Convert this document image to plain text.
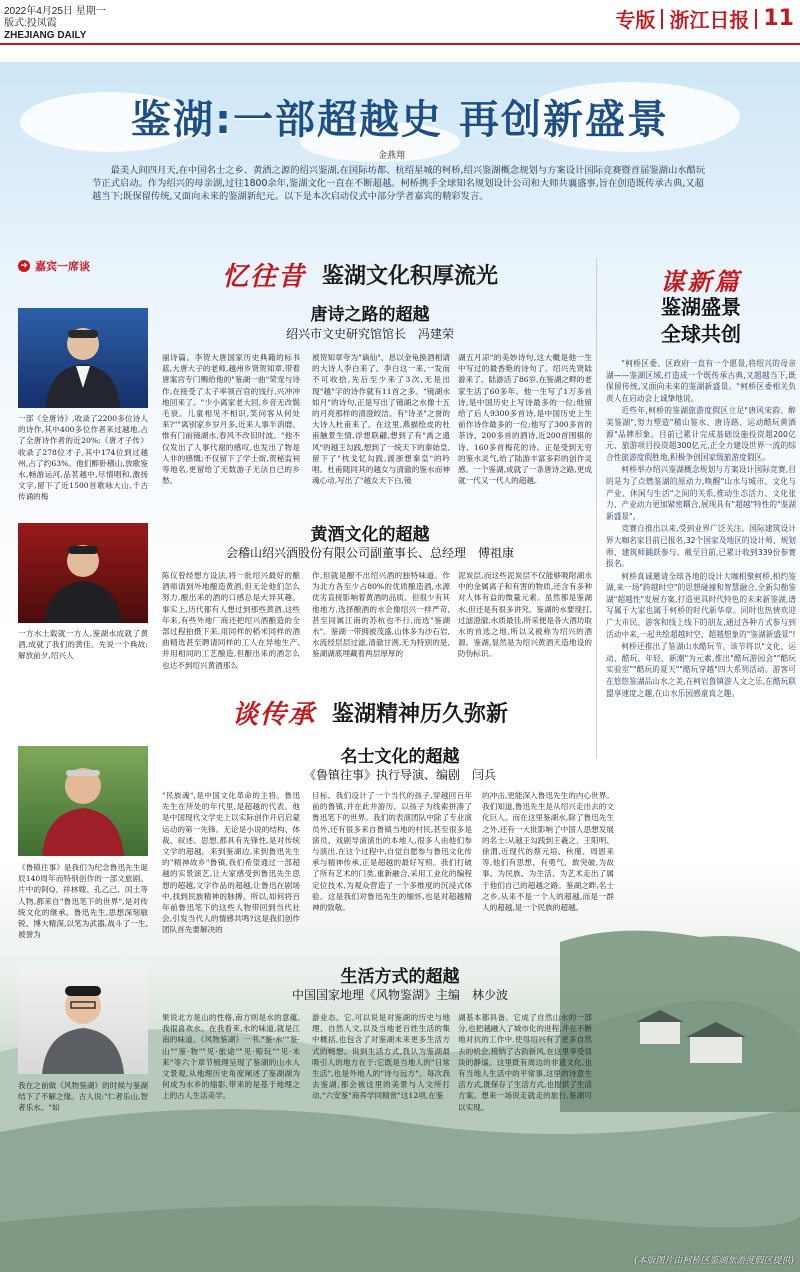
2022年4月25日 星期一
版式:投凤霞
ZHEJIANG DAILY
专版 浙江日报 11
鉴湖:一部超越史 再创新盛景
金燕翔
最美人间四月天,在中国名士之乡、黄酒之源的绍兴鉴湖,在国际坊都、杭绍星城的柯桥,绍兴鉴湖概念规划与方案设计国际竞赛暨首届鉴湖山水酷玩节正式启动。作为绍兴的母亲湖,过往1800余年,鉴湖文化一直在不断超越。柯桥携手全球知名规划设计公司和大师共襄盛事,旨在创造既传承古典,又超越当下;既保留传统,又面向未来的鉴湖新纪元。以下是本次启动仪式中部分学者嘉宾的精彩发言。
➜ 嘉宾一席谈	忆往昔 鉴湖文化积厚流光
唐诗之路的超越
绍兴市文史研究馆馆长　冯建荣
一部《全唐诗》,收录了2200多位诗人的诗作,其中400多位作者来过越地,占了全唐诗作者的近20%;《唐才子传》收录了278位才子,其中174位到过越州,占了约63%。他们醉卧稽山,放歌鉴水,畅游运河,品茗越中,尽情唱和,激扬文字,留下了近1500首歌咏大山,千古传诵的梅
丽诗篇。李贺大唐国家历史典籍的标书蓝,大唐大子的老师,越州乡贤贺知章,带着唐案宫专门赐给他的"鉴湖一曲"荣宠与诗作,在接受了太子率领百官的饯行,兴冲冲地回来了。"少小离家老大回,乡音无改鬓毛衰。儿童相见不相识,笑问客从何处来?""离别家乡岁月多,近来人事半消磨。惟有门前镜湖水,春风不改旧时波。"他不仅发出了人事代谢的感叹,也发出了物是人非的感慨;不仅留下了学士街,贺秘监祠等地名,更留给了无数游子无法自已的乡愁。
被贺知章夸为"谪仙"、恳以金龟换酒相请的大诗人李白来了。李白这一来,一发而不可收拾,先后至少来了3次,无是出现"越"字的诗作就有11首之多。"镜湖水如月"的诗句,正是写出了镜湖之水像十五的月亮那样的清澄皎洁。有"诗圣"之誉的大诗人杜甫来了。在这里,燕描绘皮的杜甫触景生情,浮想联翩,想到了有"禹之遗风"的越王勾践,想到了一统天下的秦始皇,留下了"枕戈忆勾践,渡浙想秦皇"的吟唱。杜甫随同其的越女与清澈的鉴水而神魂心动,写出了"越女天下白,镜
湖五月凉"的美妙诗句,这大概是他一生中写过的最香艳的诗句了。绍兴先贤陆游来了。陆游活了86岁,在鉴湖之畔的老家生活了60多年。他一生写了1万多首诗,是中国历史上写诗最多的一位;他留给了后人9300多首诗,是中国历史上生前作诗作最多的一位;他写了300多首的茶诗、200多首的酒诗,近200首围棋的诗、160多首梅花的诗。正是受到无穷的鉴水灵气,给了陆游丰富多彩的创作灵感。一个鉴湖,成就了一条唐诗之路,更成就一代又一代人的超越。
黄酒文化的超越
会稽山绍兴酒股份有限公司副董事长、总经理　傅祖康
一方水土载就一方人,鉴湖水成就了黄酒,成就了我们的黄佳。先说一个典故:解放前夕,绍兴人
陈仪曾经想方设法,将一批绍兴最好的酿酒师请到外地酿造黄酒,但无论他们怎么努力,酿出来的酒的口感总是大异其趣。事实上,历代都有人想过到那些黄酒,这些年来,有些外地厂商还把绍兴酒酿造的全部过程拍摄下来,用同样的稻米同样的酒曲精选甚至聘请同样的工人在异地生产,并用相同的工艺酿造,但酿出来的酒怎么也达不到绍兴黄酒那么
作,但就是酿不出绍兴酒的独特味道。作为北方各至少占80%的优质酿造酒,水源优劣直接影响着黄酒的品质。但很少有其他地方,选择酿酒的水会像绍兴一样严苛,甚至同属江南的苏杭也不行,而选"鉴湖水"。鉴湖一带拥被茂盛,山体多为沙石岩,水流经层层过滤,清澈甘洌,无为特别的是,鉴湖湖底埋藏着两层厚厚的
泥炭层,而这些泥炭层不仅能够吸附湖水中的金属离子和有害的物质,还含有多种对人体有益的微量元素。虽然都是鉴湖水,但还是有很多讲究。鉴湖的水要现打,过滤澄澈,水质最佳,所采便是各大酒坊取水的首选之地,所以又被称为绍兴的酒源。鉴湖,显然是为绍兴黄酒天造地设的防伪标识。
谈传承 鉴湖精神历久弥新
名士文化的超越
《鲁镇往事》执行导演、编剧　闫兵
《鲁镇往事》是我们为纪念鲁迅先生诞辰140周年而特别创作的一部文旅剧。片中的阿Q、祥林嫂、孔乙己、闰土等人物,都来自"鲁迅笔下的世界",是对传统文化的继承。鲁迅先生,思想深刻敏锐、博大精深,以笔为武器,战斗了一生,被誉为
"民族魂",是中国文化革命的主将。鲁迅先生在所处的年代里,是超越的代表。他是中国现代文学史上以实际创作开启启蒙运动的第一先锋。无论是小说的结构、体裁、叙述、思想,都具有先锋性,是对传统文学的超越。来到鉴湖边,来到鲁迅先生的"精神故乡"鲁镇,我们希望通过一部超越的实景演艺,让大家感受到鲁迅先生思想的超越,文字作品的超越,让鲁迅在剧场中,找到民族精神的脉搏。所以,如何将百年前鲁迅笔下的这些人物带回到当代社会,引发当代人的情感共鸣?这是我们创作团队首先要解决的
目标。我们设计了一个当代的孩子,穿越回百年前的鲁镇,并在此井游历。以孩子为线索拼凑了鲁迅笔下的世界。我们的表演团队中除了专业演员外,还有很多来自鲁镇当地的村民,甚至很多是演员、戏剧导演演出的本地人,很多人由他们参与演出,在这个过程中,自觉自愿参与鲁迅文化传承与精神传承,正是超越的最好写照。我们打破了所有艺术的门类,重新融合,采用工业化的编程定位技术,为观众营造了一个多维度的沉浸式体验。这是我们对鲁迅先生的缅怀,也是对超越精神的致敬。
的冲击,更能深入鲁迅先生的内心世界。我们知道,鲁迅先生是从绍兴走出去的文化巨人。而在这里鉴湖水,除了鲁迅先生之外,还有一大批影响了中国人思想发展的名士:从越王勾践到王羲之、王阳明、徐渭,近现代的蔡元培、秋瑾、周恩来等,他们有思想、有勇气、敢突破,为故事、为民族、为生活、为艺术走出了属于他们自己的超越之路。鉴湖之畔,名士之乡,从来不是一个人的超越,而是一群人的超越,是一个民族的超越。
生活方式的超越
中国国家地理《风物鉴湖》主编　林少波
我在之前做《风物鉴湖》的时候与鉴湖结下了不解之缘。古人说:"仁者乐山,智者乐水。"如
果说北方是山的性格,南方则是水的意蕴,我很喜欢水。在我看来,水的味道,就是江南的味道。《风物鉴湖》一书,"鉴·水""鉴·山""鉴·物""见·旅途""见·赔玩""见·未来"等六个章节梳理呈现了鉴湖的山水人文景观,从地理历史角度阐述了鉴湖湖为何成为水乡的缩影,带来的是基于地理之上的古人生活美学。
游业态。它,可以说是对鉴湖的历史与地理、自然人文,以及当地老百姓生活的集中概括,也包含了对鉴湖未来更多生活方式的畅想。说到生活方式,我认为鉴湖最吸引人的地方在于:它既是当地人的"日常生活",也是外地人的"诗与远方"。每次我去鉴湖,都会被这里的美景与人文所打动,"六安鉴"商养学同精赏"这12项,在鉴
湖基本都具备。它成了自然山水的一部分,也把越融入了城市化的进程,并在不断地对抗的工作中,使得绍兴有了更多自然去的机会,接纳了古韵新风,在这里享受恬淡的静谧。这里既有周边的非遗文化,也有当地人生活中的平常事,这里的诗意生活方式,既保存了生活方式,也提供了生活方案。想来一场说走就走的旅行,鉴湖可以实现。
谋新篇
鉴湖盛景
全球共创

"柯桥区委、区政府一直有一个愿景,将绍兴的母亲湖——鉴湖区域,打造成一个既传承古典,又超越当下,既保留传统,又面向未来的鉴湖新盛景。"柯桥区委相关负责人在启动会上诚挚地说。

近些年,柯桥的鉴湖旅游度假区立足"唐风宋韵、醉美鉴湖",努力塑造"稽山鉴水、唐诗路、运动酷玩黄酒源"品牌形象。目前已累计完成基础设施投资超200亿元、旅游项目投资超300亿元,正全力建设世界一流的综合性旅游度假胜地,积极争创国家级旅游度假区。

柯桥举办绍兴鉴湖概念规划与方案设计国际竞赛,目的是为了点燃鉴湖的原动力,唤醒"山水与城市、文化与产业、休闲与生活"之间的关系,推动生态活力、文化张力、产业动力更加紧密耦合,展现具有"超越"特性的"鉴湖新盛景"。

竞赛自推出以来,受到业界广泛关注。国际建筑设计界大咖名家目前已报名,32个国家及地区的设计师、规划师、建筑师踊跃参与。截至目前,已累计收到339份参赛报名。

柯桥真诚邀请全球各地的设计大咖相聚柯桥,相约鉴湖,来一场"跨越时空"的思想碰撞和智慧融合,全新勾勒鉴湖"超越性"发展方案,打造更具时代特色的未来新鉴湖,谱写属于大家也属于柯桥的时代新华章。同时也热情欢迎广大市民、游客和线上线下的朋友,通过各种方式参与到活动中来,一起共绘超越时空、超越想象的"鉴湖新盛景"!

柯桥还推出了鉴湖山水酷玩节。该节将以"文化、运动、酷玩、年轻、新潮"为元素,推出"酷玩游园会""酷玩实验室""酷玩的夏天""酷玩穿越"四大系列活动。游客可在悠悠鉴湖品山水之美,在柯岩鲁镇游人文之乐,在酷玩联盟享速度之趣,在山水乐园感童真之趣。

(本版图片由柯桥区鉴湖旅游度假区提供)
